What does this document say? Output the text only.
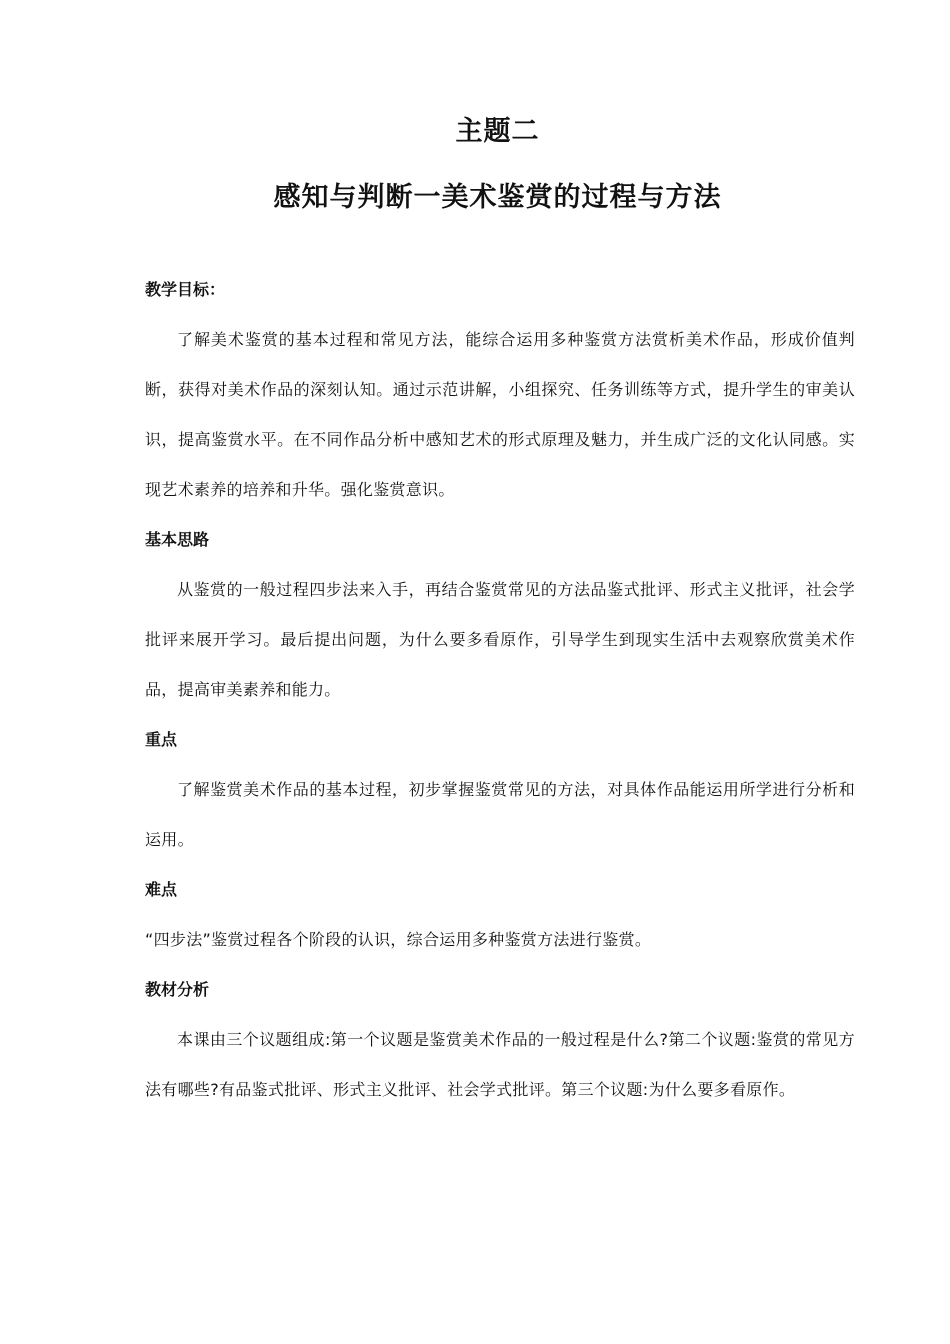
主题二
感知与判断一美术鉴赏的过程与方法
教学目标：

了解美术鉴赏的基本过程和常见方法，能综合运用多种鉴赏方法赏析美术作品，形成价值判断，获得对美术作品的深刻认知。通过示范讲解，小组探究、任务训练等方式，提升学生的审美认识，提高鉴赏水平。在不同作品分析中感知艺术的形式原理及魅力，并生成广泛的文化认同感。实现艺术素养的培养和升华。强化鉴赏意识。

基本思路

从鉴赏的一般过程四步法来入手，再结合鉴赏常见的方法品鉴式批评、形式主义批评，社会学批评来展开学习。最后提出问题，为什么要多看原作，引导学生到现实生活中去观察欣赏美术作品，提高审美素养和能力。

重点

了解鉴赏美术作品的基本过程，初步掌握鉴赏常见的方法，对具体作品能运用所学进行分析和运用。

难点

“四步法”鉴赏过程各个阶段的认识，综合运用多种鉴赏方法进行鉴赏。

教材分析

本课由三个议题组成:第一个议题是鉴赏美术作品的一般过程是什么?第二个议题:鉴赏的常见方法有哪些?有品鉴式批评、形式主义批评、社会学式批评。第三个议题:为什么要多看原作。
